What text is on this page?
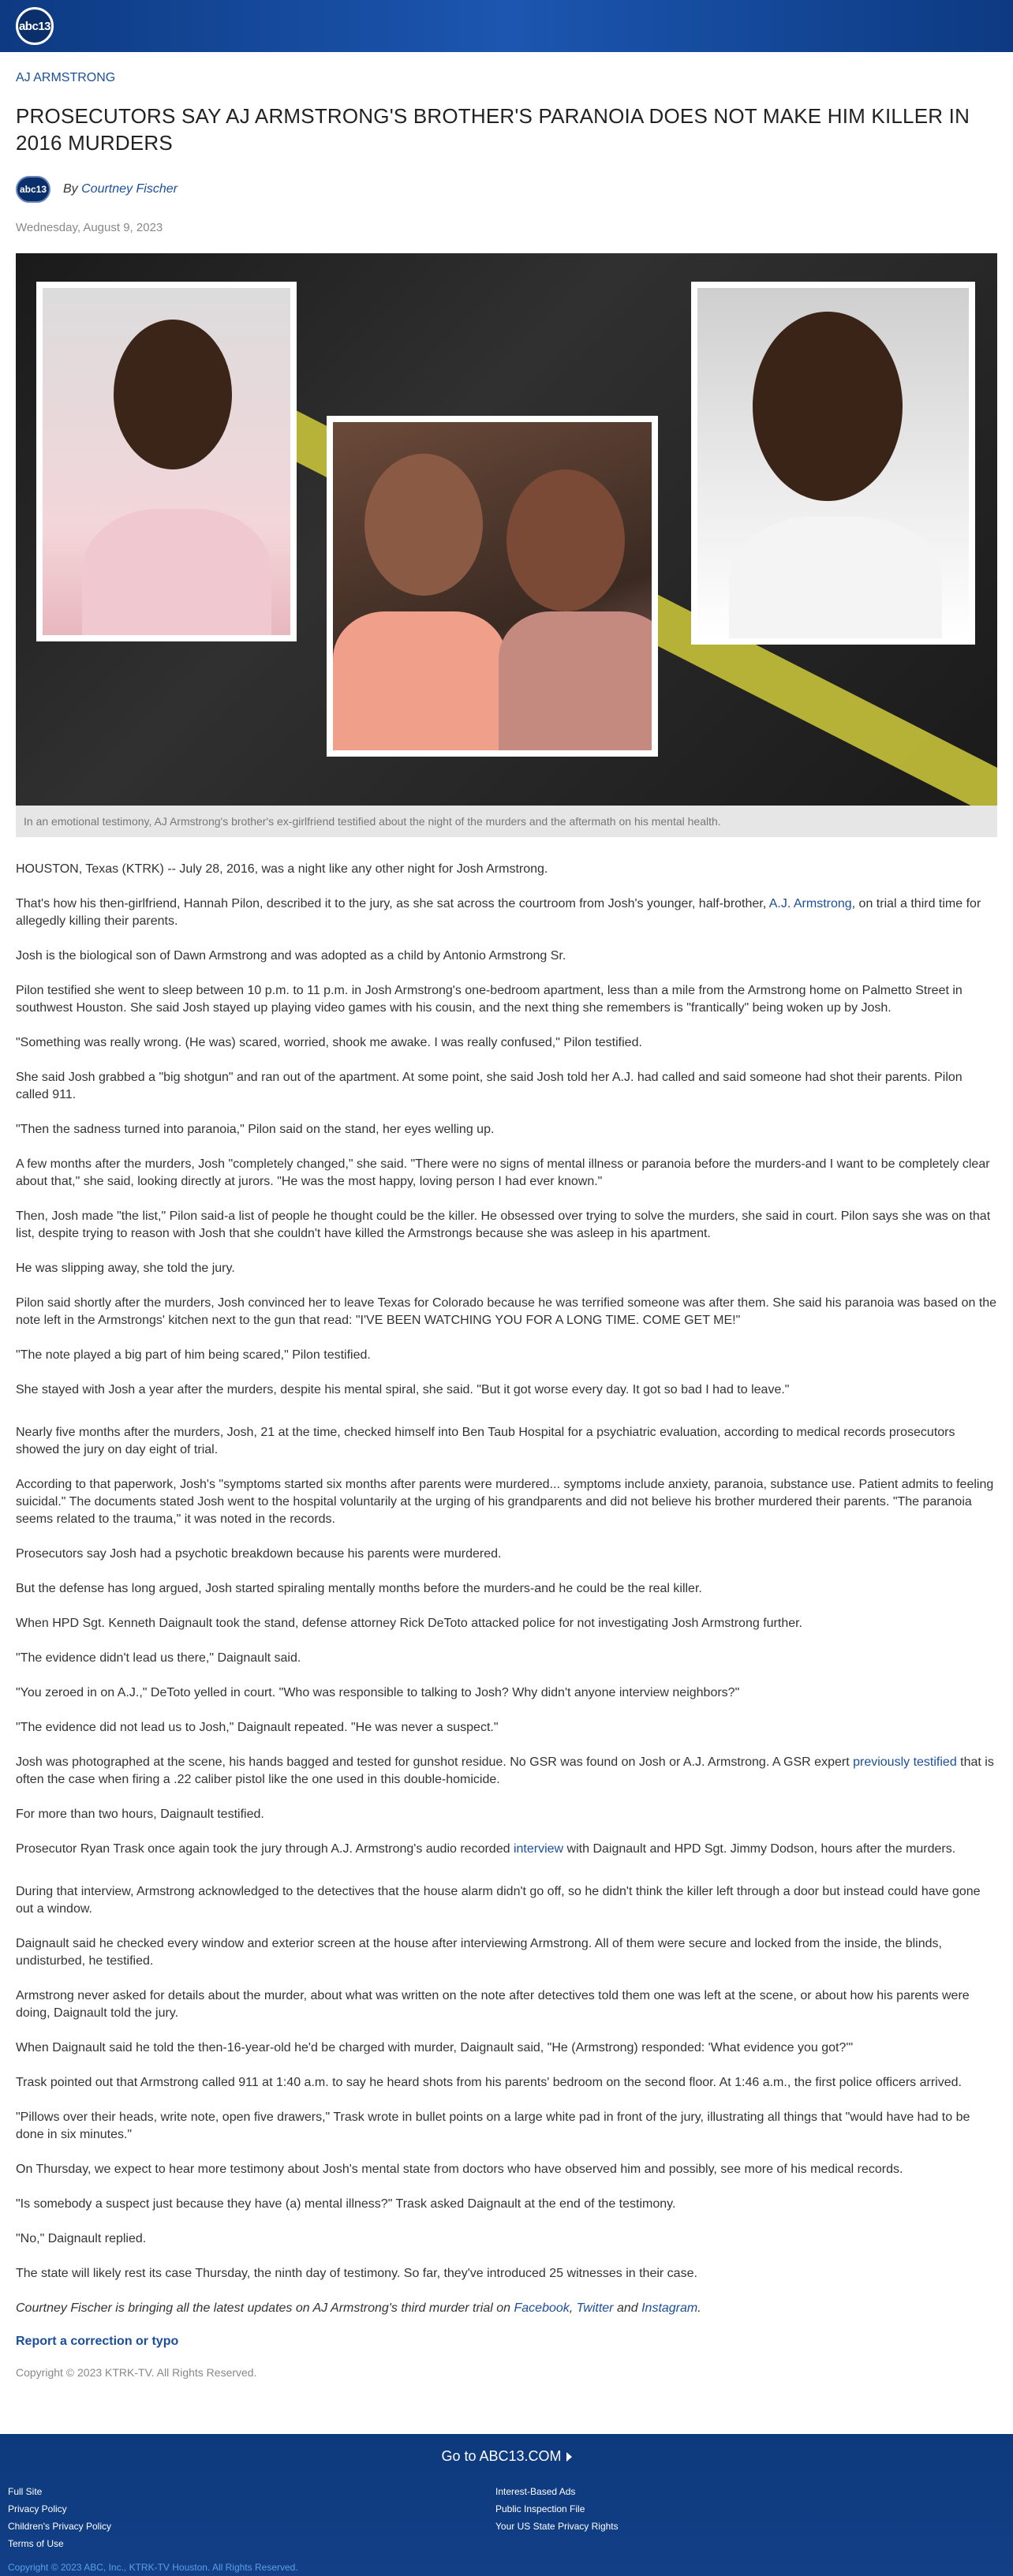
abc13
AJ ARMSTRONG
PROSECUTORS SAY AJ ARMSTRONG'S BROTHER'S PARANOIA DOES NOT MAKE HIM KILLER IN 2016 MURDERS
abc13	By Courtney Fischer
Wednesday, August 9, 2023
In an emotional testimony, AJ Armstrong's brother's ex-girlfriend testified about the night of the murders and the aftermath on his mental health.

HOUSTON, Texas (KTRK) -- July 28, 2016, was a night like any other night for Josh Armstrong.

That's how his then-girlfriend, Hannah Pilon, described it to the jury, as she sat across the courtroom from Josh's younger, half-brother, A.J. Armstrong, on trial a third time for allegedly killing their parents.

Josh is the biological son of Dawn Armstrong and was adopted as a child by Antonio Armstrong Sr.

Pilon testified she went to sleep between 10 p.m. to 11 p.m. in Josh Armstrong's one-bedroom apartment, less than a mile from the Armstrong home on Palmetto Street in southwest Houston. She said Josh stayed up playing video games with his cousin, and the next thing she remembers is "frantically" being woken up by Josh.

"Something was really wrong. (He was) scared, worried, shook me awake. I was really confused," Pilon testified.

She said Josh grabbed a "big shotgun" and ran out of the apartment. At some point, she said Josh told her A.J. had called and said someone had shot their parents. Pilon called 911.

"Then the sadness turned into paranoia," Pilon said on the stand, her eyes welling up.

A few months after the murders, Josh "completely changed," she said. "There were no signs of mental illness or paranoia before the murders-and I want to be completely clear about that," she said, looking directly at jurors. "He was the most happy, loving person I had ever known."

Then, Josh made "the list," Pilon said-a list of people he thought could be the killer. He obsessed over trying to solve the murders, she said in court. Pilon says she was on that list, despite trying to reason with Josh that she couldn't have killed the Armstrongs because she was asleep in his apartment.

He was slipping away, she told the jury.

Pilon said shortly after the murders, Josh convinced her to leave Texas for Colorado because he was terrified someone was after them. She said his paranoia was based on the note left in the Armstrongs' kitchen next to the gun that read: "I'VE BEEN WATCHING YOU FOR A LONG TIME. COME GET ME!"

"The note played a big part of him being scared," Pilon testified.

She stayed with Josh a year after the murders, despite his mental spiral, she said. "But it got worse every day. It got so bad I had to leave."

Nearly five months after the murders, Josh, 21 at the time, checked himself into Ben Taub Hospital for a psychiatric evaluation, according to medical records prosecutors showed the jury on day eight of trial.

According to that paperwork, Josh's "symptoms started six months after parents were murdered... symptoms include anxiety, paranoia, substance use. Patient admits to feeling suicidal." The documents stated Josh went to the hospital voluntarily at the urging of his grandparents and did not believe his brother murdered their parents. "The paranoia seems related to the trauma," it was noted in the records.

Prosecutors say Josh had a psychotic breakdown because his parents were murdered.

But the defense has long argued, Josh started spiraling mentally months before the murders-and he could be the real killer.

When HPD Sgt. Kenneth Daignault took the stand, defense attorney Rick DeToto attacked police for not investigating Josh Armstrong further.

"The evidence didn't lead us there," Daignault said.

"You zeroed in on A.J.," DeToto yelled in court. "Who was responsible to talking to Josh? Why didn't anyone interview neighbors?"

"The evidence did not lead us to Josh," Daignault repeated. "He was never a suspect."

Josh was photographed at the scene, his hands bagged and tested for gunshot residue. No GSR was found on Josh or A.J. Armstrong. A GSR expert previously testified that is often the case when firing a .22 caliber pistol like the one used in this double-homicide.

For more than two hours, Daignault testified.

Prosecutor Ryan Trask once again took the jury through A.J. Armstrong's audio recorded interview with Daignault and HPD Sgt. Jimmy Dodson, hours after the murders.

During that interview, Armstrong acknowledged to the detectives that the house alarm didn't go off, so he didn't think the killer left through a door but instead could have gone out a window.

Daignault said he checked every window and exterior screen at the house after interviewing Armstrong. All of them were secure and locked from the inside, the blinds, undisturbed, he testified.

Armstrong never asked for details about the murder, about what was written on the note after detectives told them one was left at the scene, or about how his parents were doing, Daignault told the jury.

When Daignault said he told the then-16-year-old he'd be charged with murder, Daignault said, "He (Armstrong) responded: 'What evidence you got?'"

Trask pointed out that Armstrong called 911 at 1:40 a.m. to say he heard shots from his parents' bedroom on the second floor. At 1:46 a.m., the first police officers arrived.

"Pillows over their heads, write note, open five drawers," Trask wrote in bullet points on a large white pad in front of the jury, illustrating all things that "would have had to be done in six minutes."

On Thursday, we expect to hear more testimony about Josh's mental state from doctors who have observed him and possibly, see more of his medical records.

"Is somebody a suspect just because they have (a) mental illness?" Trask asked Daignault at the end of the testimony.

"No," Daignault replied.

The state will likely rest its case Thursday, the ninth day of testimony. So far, they've introduced 25 witnesses in their case.

Courtney Fischer is bringing all the latest updates on AJ Armstrong's third murder trial on Facebook, Twitter and Instagram.

Report a correction or typo
Copyright © 2023 KTRK-TV. All Rights Reserved.
Go to ABC13.COM
Full Site
Privacy Policy
Children's Privacy Policy
Terms of Use
Interest-Based Ads
Public Inspection File
Your US State Privacy Rights
Copyright © 2023 ABC, Inc., KTRK-TV Houston. All Rights Reserved.
